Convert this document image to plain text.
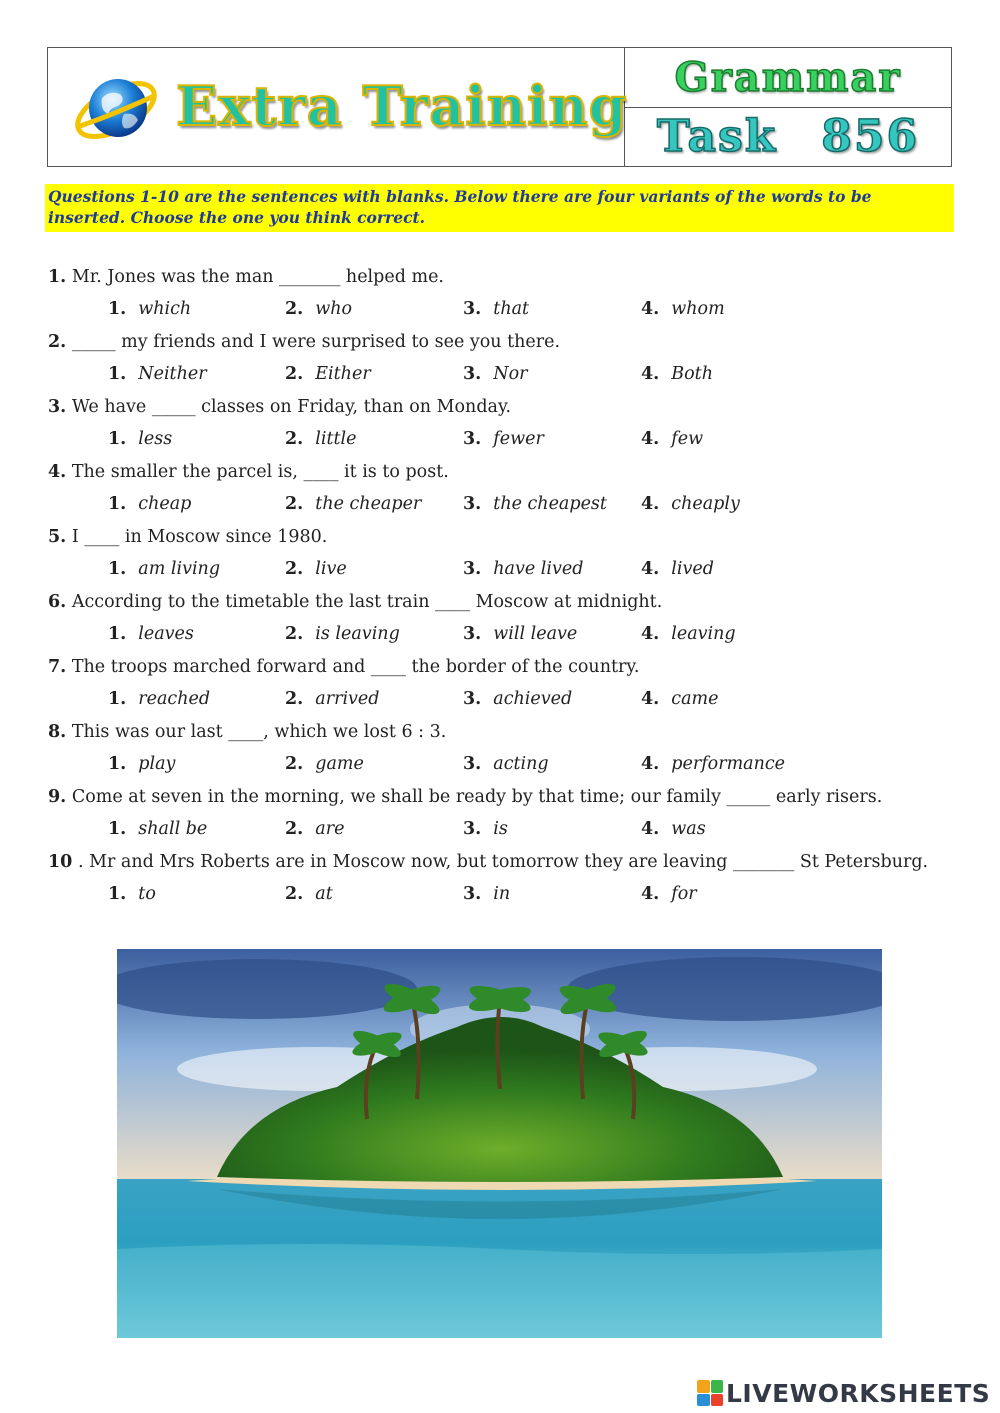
Extra Training Grammar
Task 856
Questions 1-10 are the sentences with blanks. Below there are four variants of the words to be inserted. Choose the one you think correct.
1. Mr. Jones was the man _______ helped me.
1. which	2. who	3. that	4. whom
2. _____ my friends and I were surprised to see you there.
1. Neither	2. Either	3. Nor	4. Both
3. We have _____ classes on Friday, than on Monday.
1. less	2. little	3. fewer	4. few
4. The smaller the parcel is, ____ it is to post.
1. cheap	2. the cheaper 3. the cheapest 4. cheaply
5. I ____ in Moscow since 1980.
1. am living	2. live	3. have lived	4. lived
6. According to the timetable the last train ____ Moscow at midnight.
1. leaves	2. is leaving	3. will leave	4. leaving
7. The troops marched forward and ____ the border of the country.
1. reached	2. arrived	3. achieved	4. came
8. This was our last ____, which we lost 6 : 3.
1. play	2. game	3. acting	4. performance
9. Come at seven in the morning, we shall be ready by that time; our family _____ early risers.
1. shall be	2. are	3. is	4. was
10 . Mr and Mrs Roberts are in Moscow now, but tomorrow they are leaving _______ St Petersburg.
1. to	2. at	3. in	4. for
LIVEWORKSHEETS
